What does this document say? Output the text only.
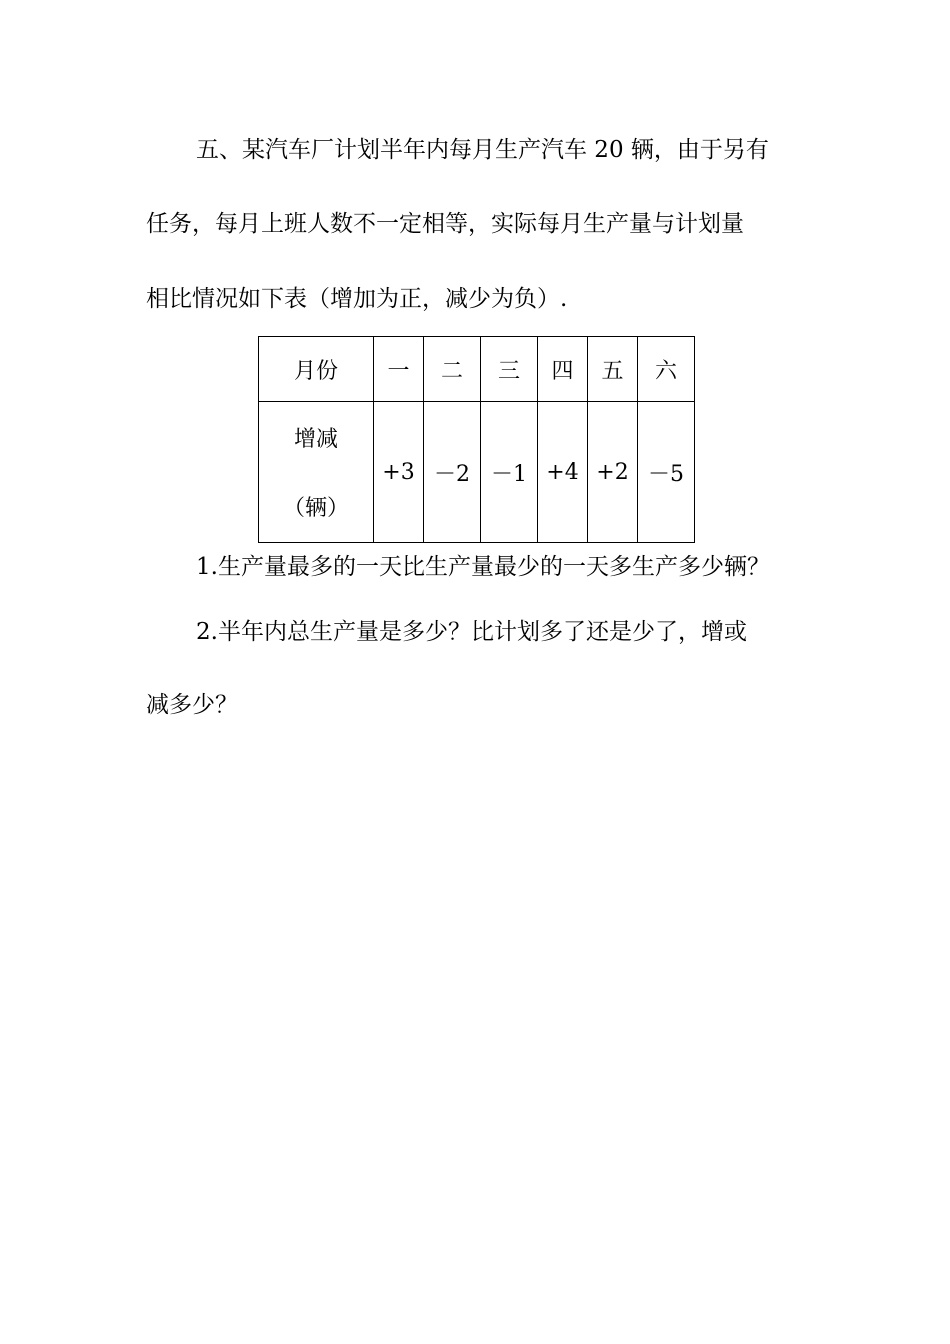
五、某汽车厂计划半年内每月生产汽车 20 辆，由于另有
任务，每月上班人数不一定相等，实际每月生产量与计划量
相比情况如下表（增加为正，减少为负）.
月份	一	二	三	四	五	六

增减
（辆）	+3	－2	－1	+4	+2	－5
1.生产量最多的一天比生产量最少的一天多生产多少辆？
2.半年内总生产量是多少？比计划多了还是少了，增或
减多少？
